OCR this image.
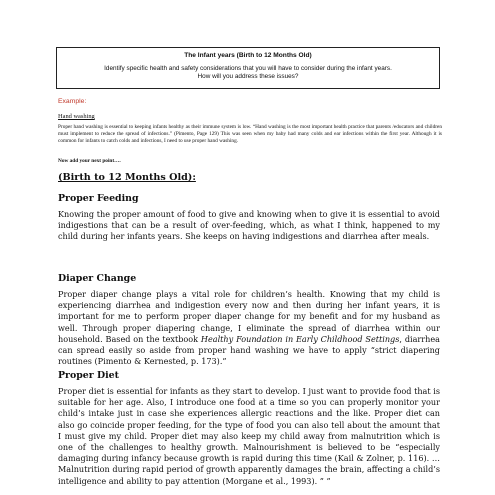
The Infant years (Birth to 12 Months Old)
Identify specific health and safety considerations that you will have to consider during the infant years.
How will you address these issues?
Example:
Hand washing
Proper hand washing is essential to keeping infants healthy as their immune system is low. “Hand washing is the most important health practice that parents /educators and children must implement to reduce the spread of infections.” (Pimento, Page 129) This was seen when my baby had many colds and ear infections within the first year. Although it is common for infants to catch colds and infections, I need to use proper hand washing.
Now add your next point….
(Birth to 12 Months Old):
Proper Feeding
Knowing the proper amount of food to give and knowing when to give it is essential to avoid indigestions that can be a result of over-feeding, which, as what I think, happened to my child during her infants years. She keeps on having indigestions and diarrhea after meals.
Diaper Change
Proper diaper change plays a vital role for children’s health. Knowing that my child is experiencing diarrhea and indigestion every now and then during her infant years, it is important for me to perform proper diaper change for my benefit and for my husband as well. Through proper diapering change, I eliminate the spread of diarrhea within our household. Based on the textbook Healthy Foundation in Early Childhood Settings, diarrhea can spread easily so aside from proper hand washing we have to apply “strict diapering routines (Pimento & Kernested, p. 173).”
Proper Diet
Proper diet is essential for infants as they start to develop. I just want to provide food that is suitable for her age. Also, I introduce one food at a time so you can properly monitor your child’s intake just in case she experiences allergic reactions and the like. Proper diet can also go coincide proper feeding, for the type of food you can also tell about the amount that I must give my child. Proper diet may also keep my child away from malnutrition which is one of the challenges to healthy growth. Malnourishment is believed to be “especially damaging during infancy because growth is rapid during this time (Kail & Zolner, p. 116). … Malnutrition during rapid period of growth apparently damages the brain, affecting a child’s intelligence and ability to pay attention (Morgane et al., 1993). ” ”
